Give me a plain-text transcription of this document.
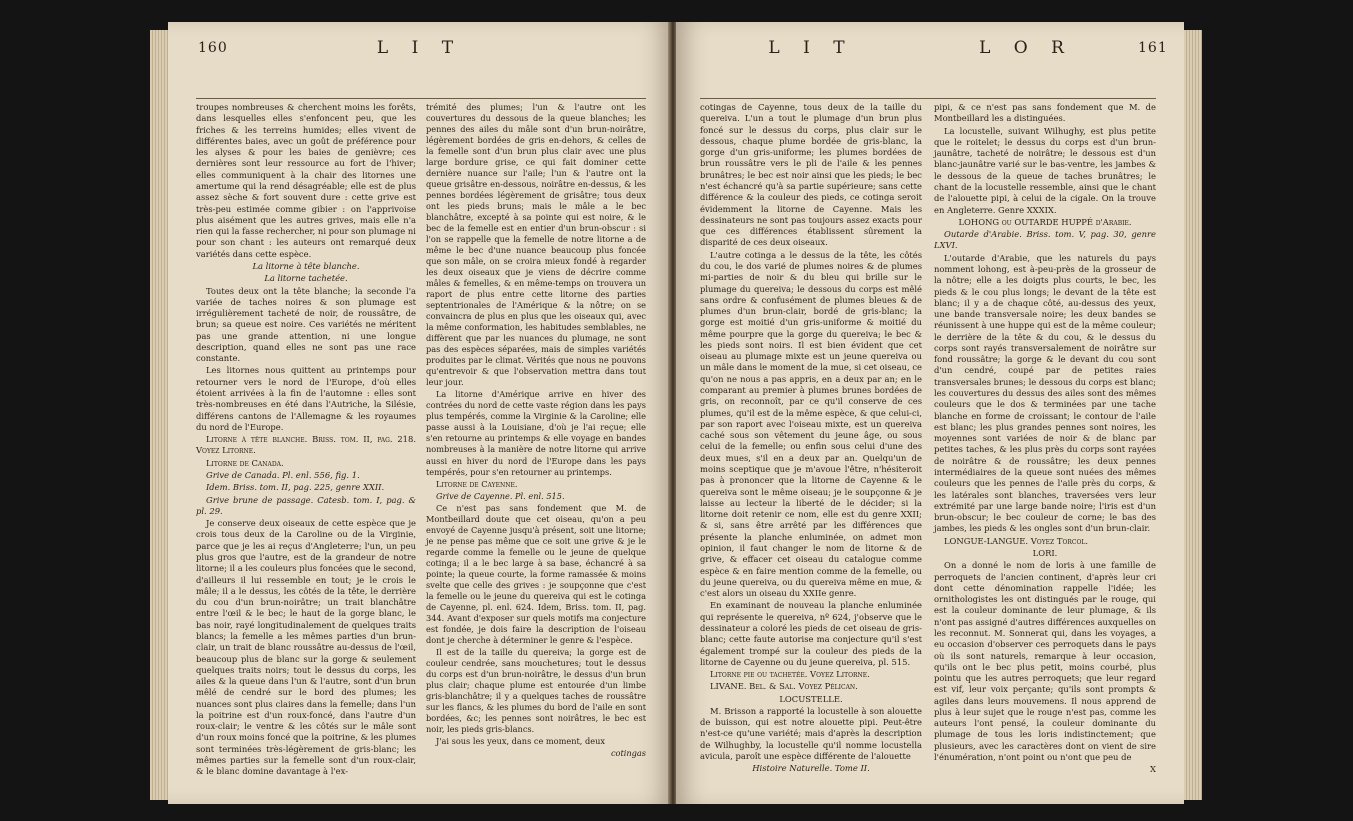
160	L I T

troupes nombreuses & cherchent moins les forêts, dans lesquelles elles s'enfoncent peu, que les friches & les terreins humides; elles vivent de différentes baies, avec un goût de préférence pour les alyses & pour les baies de genièvre; ces dernières sont leur ressource au fort de l'hiver; elles communiquent à la chair des litornes une amertume qui la rend désagréable; elle est de plus assez sèche & fort souvent dure : cette grive est très-peu estimée comme gibier : on l'apprivoise plus aisément que les autres grives, mais elle n'a rien qui la fasse rechercher, ni pour son plumage ni pour son chant : les auteurs ont remarqué deux variétés dans cette espèce.

La litorne à tête blanche.

La litorne tachetée.

Toutes deux ont la tête blanche; la seconde l'a variée de taches noires & son plumage est irrégulièrement tacheté de noir, de roussâtre, de brun; sa queue est noire. Ces variétés ne méritent pas une grande attention, ni une longue description, quand elles ne sont pas une race constante.

Les litornes nous quittent au printemps pour retourner vers le nord de l'Europe, d'où elles étoient arrivées à la fin de l'automne : elles sont très-nombreuses en été dans l'Autriche, la Silésie, différens cantons de l'Allemagne & les royaumes du nord de l'Europe.

Litorne à tête blanche. Briss. tom. II, pag. 218. Voyez Litorne.

Litorne de Canada.

Grive de Canada. Pl. enl. 556, fig. 1.

Idem. Briss. tom. II, pag. 225, genre XXII.

Grive brune de passage. Catesb. tom. I, pag. & pl. 29.

Je conserve deux oiseaux de cette espèce que je crois tous deux de la Caroline ou de la Virginie, parce que je les ai reçus d'Angleterre; l'un, un peu plus gros que l'autre, est de la grandeur de notre litorne; il a les couleurs plus foncées que le second, d'ailleurs il lui ressemble en tout; je le crois le mâle; il a le dessus, les côtés de la tête, le derrière du cou d'un brun-noirâtre; un trait blanchâtre entre l'œil & le bec; le haut de la gorge blanc, le bas noir, rayé longitudinalement de quelques traits blancs; la femelle a les mêmes parties d'un brun-clair, un trait de blanc roussâtre au-dessus de l'œil, beaucoup plus de blanc sur la gorge & seulement quelques traits noirs; tout le dessus du corps, les ailes & la queue dans l'un & l'autre, sont d'un brun mêlé de cendré sur le bord des plumes; les nuances sont plus claires dans la femelle; dans l'un la poitrine est d'un roux-foncé, dans l'autre d'un roux-clair; le ventre & les côtés sur le mâle sont d'un roux moins foncé que la poitrine, & les plumes sont terminées très-légèrement de gris-blanc; les mêmes parties sur la femelle sont d'un roux-clair, & le blanc domine davantage à l'ex-

trémité des plumes; l'un & l'autre ont les couvertures du dessous de la queue blanches; les pennes des ailes du mâle sont d'un brun-noirâtre, légèrement bordées de gris en-dehors, & celles de la femelle sont d'un brun plus clair avec une plus large bordure grise, ce qui fait dominer cette dernière nuance sur l'aile; l'un & l'autre ont la queue grisâtre en-dessous, noirâtre en-dessus, & les pennes bordées légèrement de grisâtre; tous deux ont les pieds bruns; mais le mâle a le bec blanchâtre, excepté à sa pointe qui est noire, & le bec de la femelle est en entier d'un brun-obscur : si l'on se rappelle que la femelle de notre litorne a de même le bec d'une nuance beaucoup plus foncée que son mâle, on se croira mieux fondé à regarder les deux oiseaux que je viens de décrire comme mâles & femelles, & en même-temps on trouvera un raport de plus entre cette litorne des parties septentrionales de l'Amérique & la nôtre; on se convaincra de plus en plus que les oiseaux qui, avec la même conformation, les habitudes semblables, ne diffèrent que par les nuances du plumage, ne sont pas des espèces séparées, mais de simples variétés produites par le climat. Vérités que nous ne pouvons qu'entrevoir & que l'observation mettra dans tout leur jour.

La litorne d'Amérique arrive en hiver des contrées du nord de cette vaste région dans les pays plus tempérés, comme la Virginie & la Caroline; elle passe aussi à la Louisiane, d'où je l'ai reçue; elle s'en retourne au printemps & elle voyage en bandes nombreuses à la manière de notre litorne qui arrive aussi en hiver du nord de l'Europe dans les pays tempérés, pour s'en retourner au printemps.

Litorne de Cayenne.

Grive de Cayenne. Pl. enl. 515.

Ce n'est pas sans fondement que M. de Montbeillard doute que cet oiseau, qu'on a peu envoyé de Cayenne jusqu'à présent, soit une litorne; je ne pense pas même que ce soit une grive & je le regarde comme la femelle ou le jeune de quelque cotinga; il a le bec large à sa base, échancré à sa pointe; la queue courte, la forme ramassée & moins svelte que celle des grives : je soupçonne que c'est la femelle ou le jeune du quereiva qui est le cotinga de Cayenne, pl. enl. 624. Idem, Briss. tom. II, pag. 344. Avant d'exposer sur quels motifs ma conjecture est fondée, je dois faire la description de l'oiseau dont je cherche à déterminer le genre & l'espèce.

Il est de la taille du quereiva; la gorge est de couleur cendrée, sans mouchetures; tout le dessus du corps est d'un brun-noirâtre, le dessus d'un brun plus clair; chaque plume est entourée d'un limbe gris-blanchâtre; il y a quelques taches de roussâtre sur les flancs, & les plumes du bord de l'aile en sont bordées, &c; les pennes sont noirâtres, le bec est noir, les pieds gris-blancs.

J'ai sous les yeux, dans ce moment, deux

cotingas

L I T	L O R	161

cotingas de Cayenne, tous deux de la taille du quereiva. L'un a tout le plumage d'un brun plus foncé sur le dessus du corps, plus clair sur le dessous, chaque plume bordée de gris-blanc, la gorge d'un gris-uniforme; les plumes bordées de brun roussâtre vers le pli de l'aile & les pennes brunâtres; le bec est noir ainsi que les pieds; le bec n'est échancré qu'à sa partie supérieure; sans cette différence & la couleur des pieds, ce cotinga seroit évidemment la litorne de Cayenne. Mais les dessinateurs ne sont pas toujours assez exacts pour que ces différences établissent sûrement la disparité de ces deux oiseaux.

L'autre cotinga a le dessus de la tête, les côtés du cou, le dos varié de plumes noires & de plumes mi-parties de noir & du bleu qui brille sur le plumage du quereiva; le dessous du corps est mêlé sans ordre & confusément de plumes bleues & de plumes d'un brun-clair, bordé de gris-blanc; la gorge est moitié d'un gris-uniforme & moitié du même pourpre que la gorge du quereiva; le bec & les pieds sont noirs. Il est bien évident que cet oiseau au plumage mixte est un jeune quereiva ou un mâle dans le moment de la mue, si cet oiseau, ce qu'on ne nous a pas appris, en a deux par an; en le comparant au premier à plumes brunes bordées de gris, on reconnoît, par ce qu'il conserve de ces plumes, qu'il est de la même espèce, & que celui-ci, par son raport avec l'oiseau mixte, est un quereiva caché sous son vêtement du jeune âge, ou sous celui de la femelle; ou enfin sous celui d'une des deux mues, s'il en a deux par an. Quelqu'un de moins sceptique que je m'avoue l'être, n'hésiteroit pas à prononcer que la litorne de Cayenne & le quereiva sont le même oiseau; je le soupçonne & je laisse au lecteur la liberté de le décider; si la litorne doit retenir ce nom, elle est du genre XXII; & si, sans être arrêté par les différences que présente la planche enluminée, on admet mon opinion, il faut changer le nom de litorne & de grive, & effacer cet oiseau du catalogue comme espèce & en faire mention comme de la femelle, ou du jeune quereiva, ou du quereiva même en mue, & c'est alors un oiseau du XXIIe genre.

En examinant de nouveau la planche enluminée qui représente le quereiva, nº 624, j'observe que le dessinateur a coloré les pieds de cet oiseau de gris-blanc; cette faute autorise ma conjecture qu'il s'est également trompé sur la couleur des pieds de la litorne de Cayenne ou du jeune quereiva, pl. 515.

Litorne pie ou tachetée. Voyez Litorne.

LIVANE. Bel. & Sal. Voyez Pélican.

LOCUSTELLE.

M. Brisson a rapporté la locustelle à son alouette de buisson, qui est notre alouette pipi. Peut-être n'est-ce qu'une variété; mais d'après la description de Wilhughby, la locustelle qu'il nomme locustella avicula, paroît une espèce différente de l'alouette

Histoire Naturelle. Tome II.

pipi, & ce n'est pas sans fondement que M. de Montbeillard les a distinguées.

La locustelle, suivant Wilhughy, est plus petite que le roitelet; le dessus du corps est d'un brun-jaunâtre, tacheté de noirâtre; le dessous est d'un blanc-jaunâtre varié sur le bas-ventre, les jambes & le dessous de la queue de taches brunâtres; le chant de la locustelle ressemble, ainsi que le chant de l'alouette pipi, à celui de la cigale. On la trouve en Angleterre. Genre XXXIX.

LOHONG ou OUTARDE HUPPÉ d'Arabie.

Outarde d'Arabie. Briss. tom. V, pag. 30, genre LXVI.

L'outarde d'Arabie, que les naturels du pays nomment lohong, est à-peu-près de la grosseur de la nôtre; elle a les doigts plus courts, le bec, les pieds & le cou plus longs; le devant de la tête est blanc; il y a de chaque côté, au-dessus des yeux, une bande transversale noire; les deux bandes se réunissent à une huppe qui est de la même couleur; le derrière de la tête & du cou, & le dessus du corps sont rayés transversalement de noirâtre sur fond roussâtre; la gorge & le devant du cou sont d'un cendré, coupé par de petites raies transversales brunes; le dessous du corps est blanc; les couvertures du dessus des ailes sont des mêmes couleurs que le dos & terminées par une tache blanche en forme de croissant; le contour de l'aile est blanc; les plus grandes pennes sont noires, les moyennes sont variées de noir & de blanc par petites taches, & les plus près du corps sont rayées de noirâtre & de roussâtre; les deux pennes intermédiaires de la queue sont nuées des mêmes couleurs que les pennes de l'aile près du corps, & les latérales sont blanches, traversées vers leur extrémité par une large bande noire; l'iris est d'un brun-obscur; le bec couleur de corne; le bas des jambes, les pieds & les ongles sont d'un brun-clair.

LONGUE-LANGUE. Voyez Torcol.

LORI.

On a donné le nom de loris à une famille de perroquets de l'ancien continent, d'après leur cri dont cette dénomination rappelle l'idée; les ornithologistes les ont distingués par le rouge, qui est la couleur dominante de leur plumage, & ils n'ont pas assigné d'autres différences auxquelles on les reconnut. M. Sonnerat qui, dans les voyages, a eu occasion d'observer ces perroquets dans le pays où ils sont naturels, remarque à leur occasion, qu'ils ont le bec plus petit, moins courbé, plus pointu que les autres perroquets; que leur regard est vif, leur voix perçante; qu'ils sont prompts & agiles dans leurs mouvemens. Il nous apprend de plus à leur sujet que le rouge n'est pas, comme les auteurs l'ont pensé, la couleur dominante du plumage de tous les loris indistinctement; que plusieurs, avec les caractères dont on vient de sire l'énumération, n'ont point ou n'ont que peu de

X
